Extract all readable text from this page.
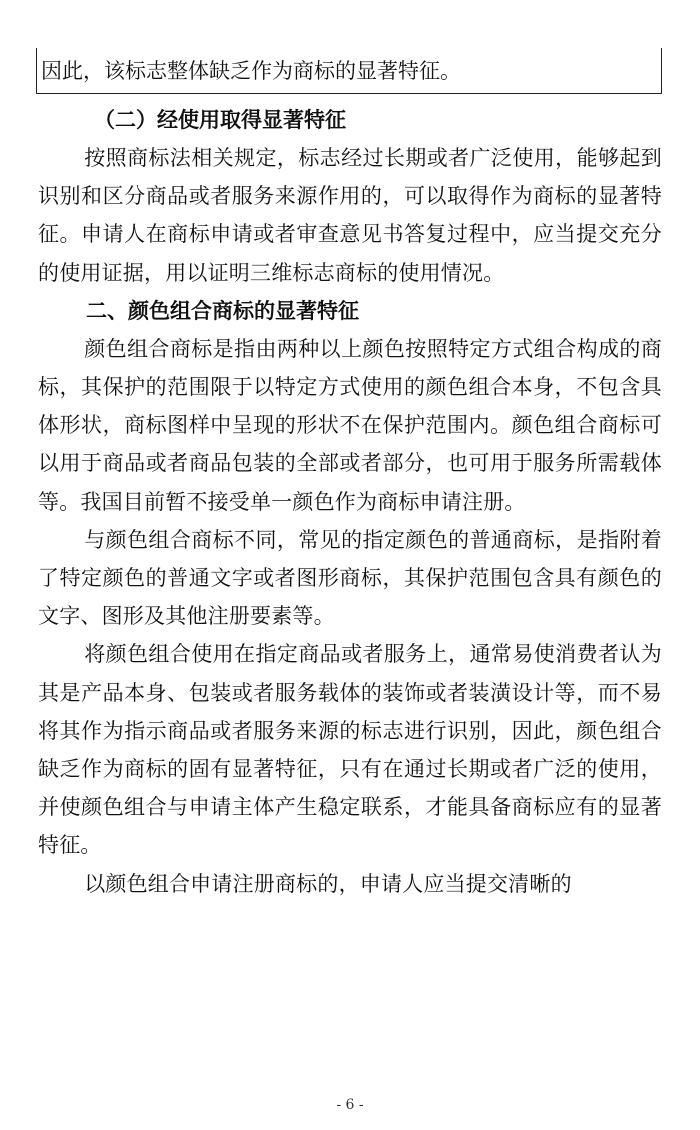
因此，该标志整体缺乏作为商标的显著特征。
（二）经使用取得显著特征
按照商标法相关规定，标志经过长期或者广泛使用，能够起到识别和区分商品或者服务来源作用的，可以取得作为商标的显著特征。申请人在商标申请或者审查意见书答复过程中，应当提交充分的使用证据，用以证明三维标志商标的使用情况。
二、颜色组合商标的显著特征
颜色组合商标是指由两种以上颜色按照特定方式组合构成的商标，其保护的范围限于以特定方式使用的颜色组合本身，不包含具体形状，商标图样中呈现的形状不在保护范围内。颜色组合商标可以用于商品或者商品包装的全部或者部分，也可用于服务所需载体等。我国目前暂不接受单一颜色作为商标申请注册。
与颜色组合商标不同，常见的指定颜色的普通商标，是指附着了特定颜色的普通文字或者图形商标，其保护范围包含具有颜色的文字、图形及其他注册要素等。
将颜色组合使用在指定商品或者服务上，通常易使消费者认为其是产品本身、包装或者服务载体的装饰或者装潢设计等，而不易将其作为指示商品或者服务来源的标志进行识别，因此，颜色组合缺乏作为商标的固有显著特征，只有在通过长期或者广泛的使用，并使颜色组合与申请主体产生稳定联系，才能具备商标应有的显著特征。
以颜色组合申请注册商标的，申请人应当提交清晰的
- 6 -
